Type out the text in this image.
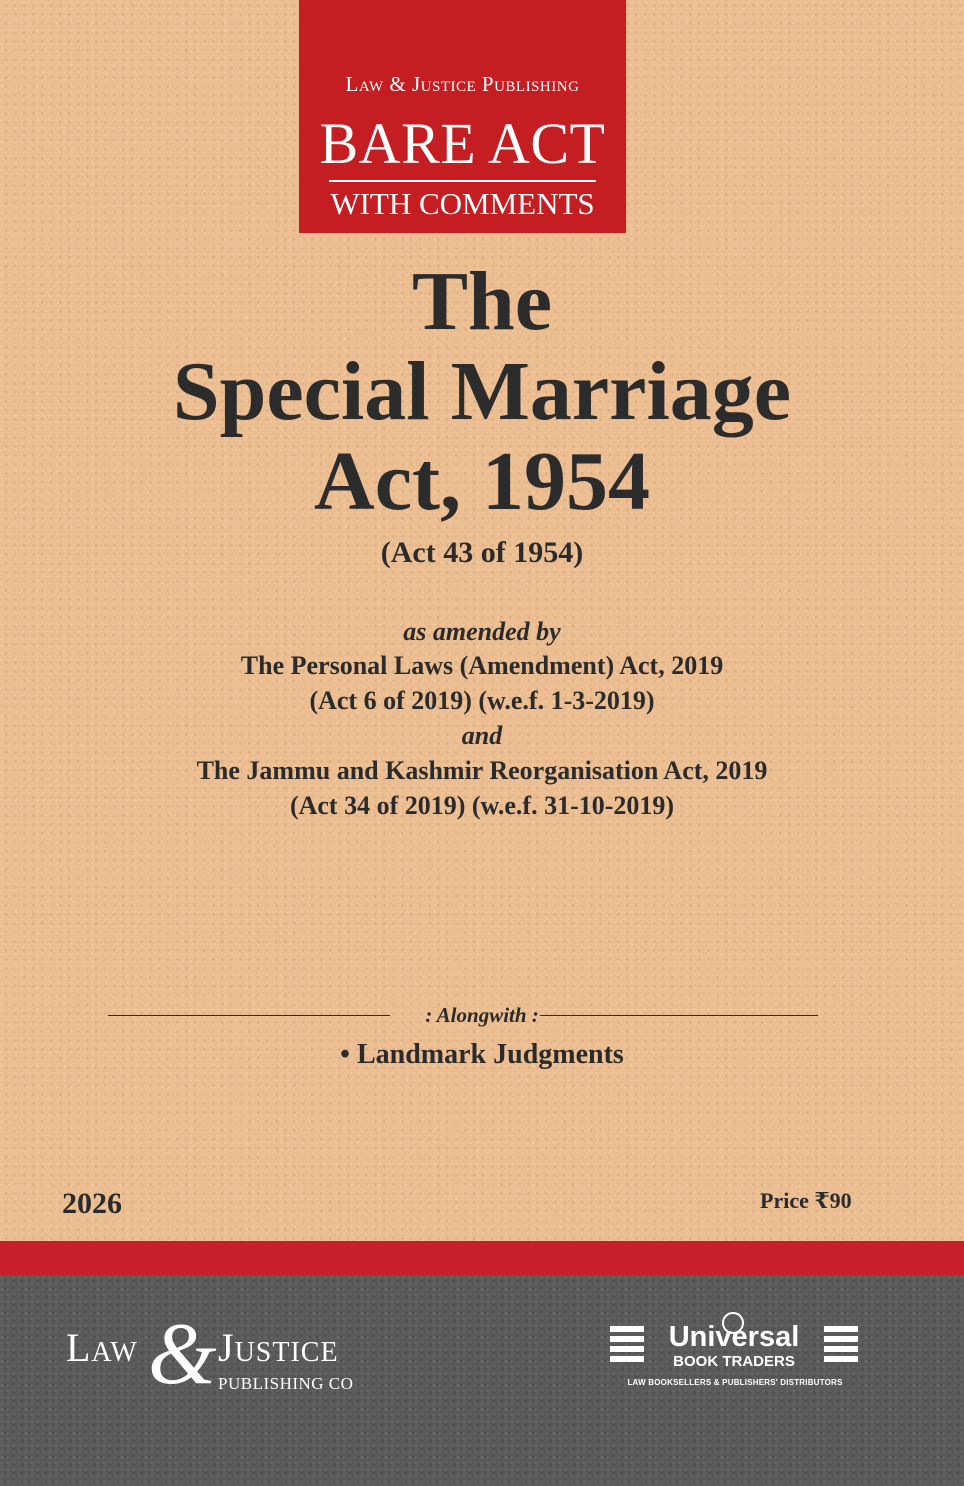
Law & Justice Publishing
BARE ACT
WITH COMMENTS
The
Special Marriage
Act, 1954
(Act 43 of 1954)
as amended by
The Personal Laws (Amendment) Act, 2019
(Act 6 of 2019) (w.e.f. 1-3-2019)
and
The Jammu and Kashmir Reorganisation Act, 2019
(Act 34 of 2019) (w.e.f. 31-10-2019)
: Alongwith :
• Landmark Judgments
2026	Price ₹90
Law & Justice
PUBLISHING CO
Universal
BOOK TRADERS
LAW BOOKSELLERS & PUBLISHERS' DISTRIBUTORS
